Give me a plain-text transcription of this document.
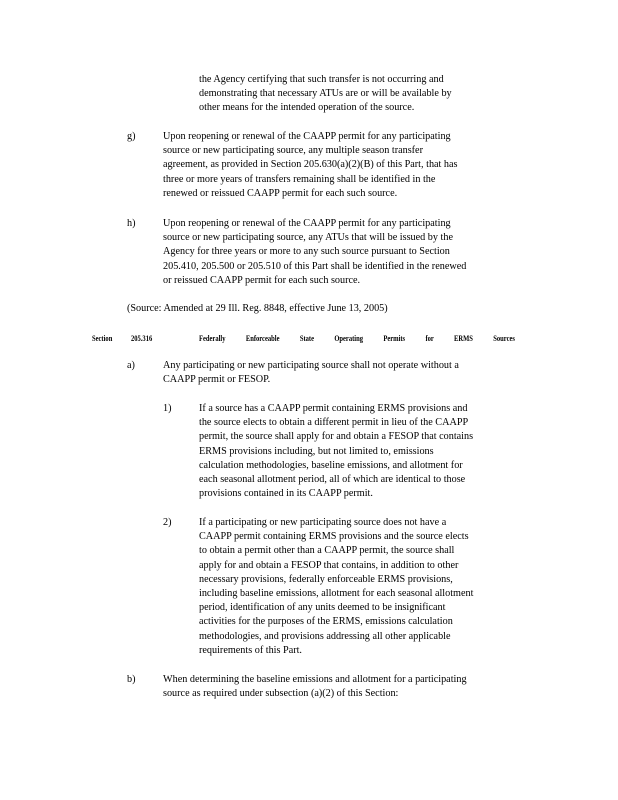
the Agency certifying that such transfer is not occurring and
demonstrating that necessary ATUs are or will be available by
other means for the intended operation of the source.
g)	Upon reopening or renewal of the CAAPP permit for any participating
source or new participating source, any multiple season transfer
agreement, as provided in Section 205.630(a)(2)(B) of this Part, that has
three or more years of transfers remaining shall be identified in the
renewed or reissued CAAPP permit for each such source.
h)	Upon reopening or renewal of the CAAPP permit for any participating
source or new participating source, any ATUs that will be issued by the
Agency for three years or more to any such source pursuant to Section
205.410, 205.500 or 205.510 of this Part shall be identified in the renewed
or reissued CAAPP permit for each such source.
(Source: Amended at 29 Ill. Reg. 8848, effective June 13, 2005)
Section 205.316	Federally Enforceable State Operating Permits for ERMS Sources
a)	Any participating or new participating source shall not operate without a
CAAPP permit or FESOP.
1)	If a source has a CAAPP permit containing ERMS provisions and
the source elects to obtain a different permit in lieu of the CAAPP
permit, the source shall apply for and obtain a FESOP that contains
ERMS provisions including, but not limited to, emissions
calculation methodologies, baseline emissions, and allotment for
each seasonal allotment period, all of which are identical to those
provisions contained in its CAAPP permit.
2)	If a participating or new participating source does not have a
CAAPP permit containing ERMS provisions and the source elects
to obtain a permit other than a CAAPP permit, the source shall
apply for and obtain a FESOP that contains, in addition to other
necessary provisions, federally enforceable ERMS provisions,
including baseline emissions, allotment for each seasonal allotment
period, identification of any units deemed to be insignificant
activities for the purposes of the ERMS, emissions calculation
methodologies, and provisions addressing all other applicable
requirements of this Part.
b)	When determining the baseline emissions and allotment for a participating
source as required under subsection (a)(2) of this Section:
